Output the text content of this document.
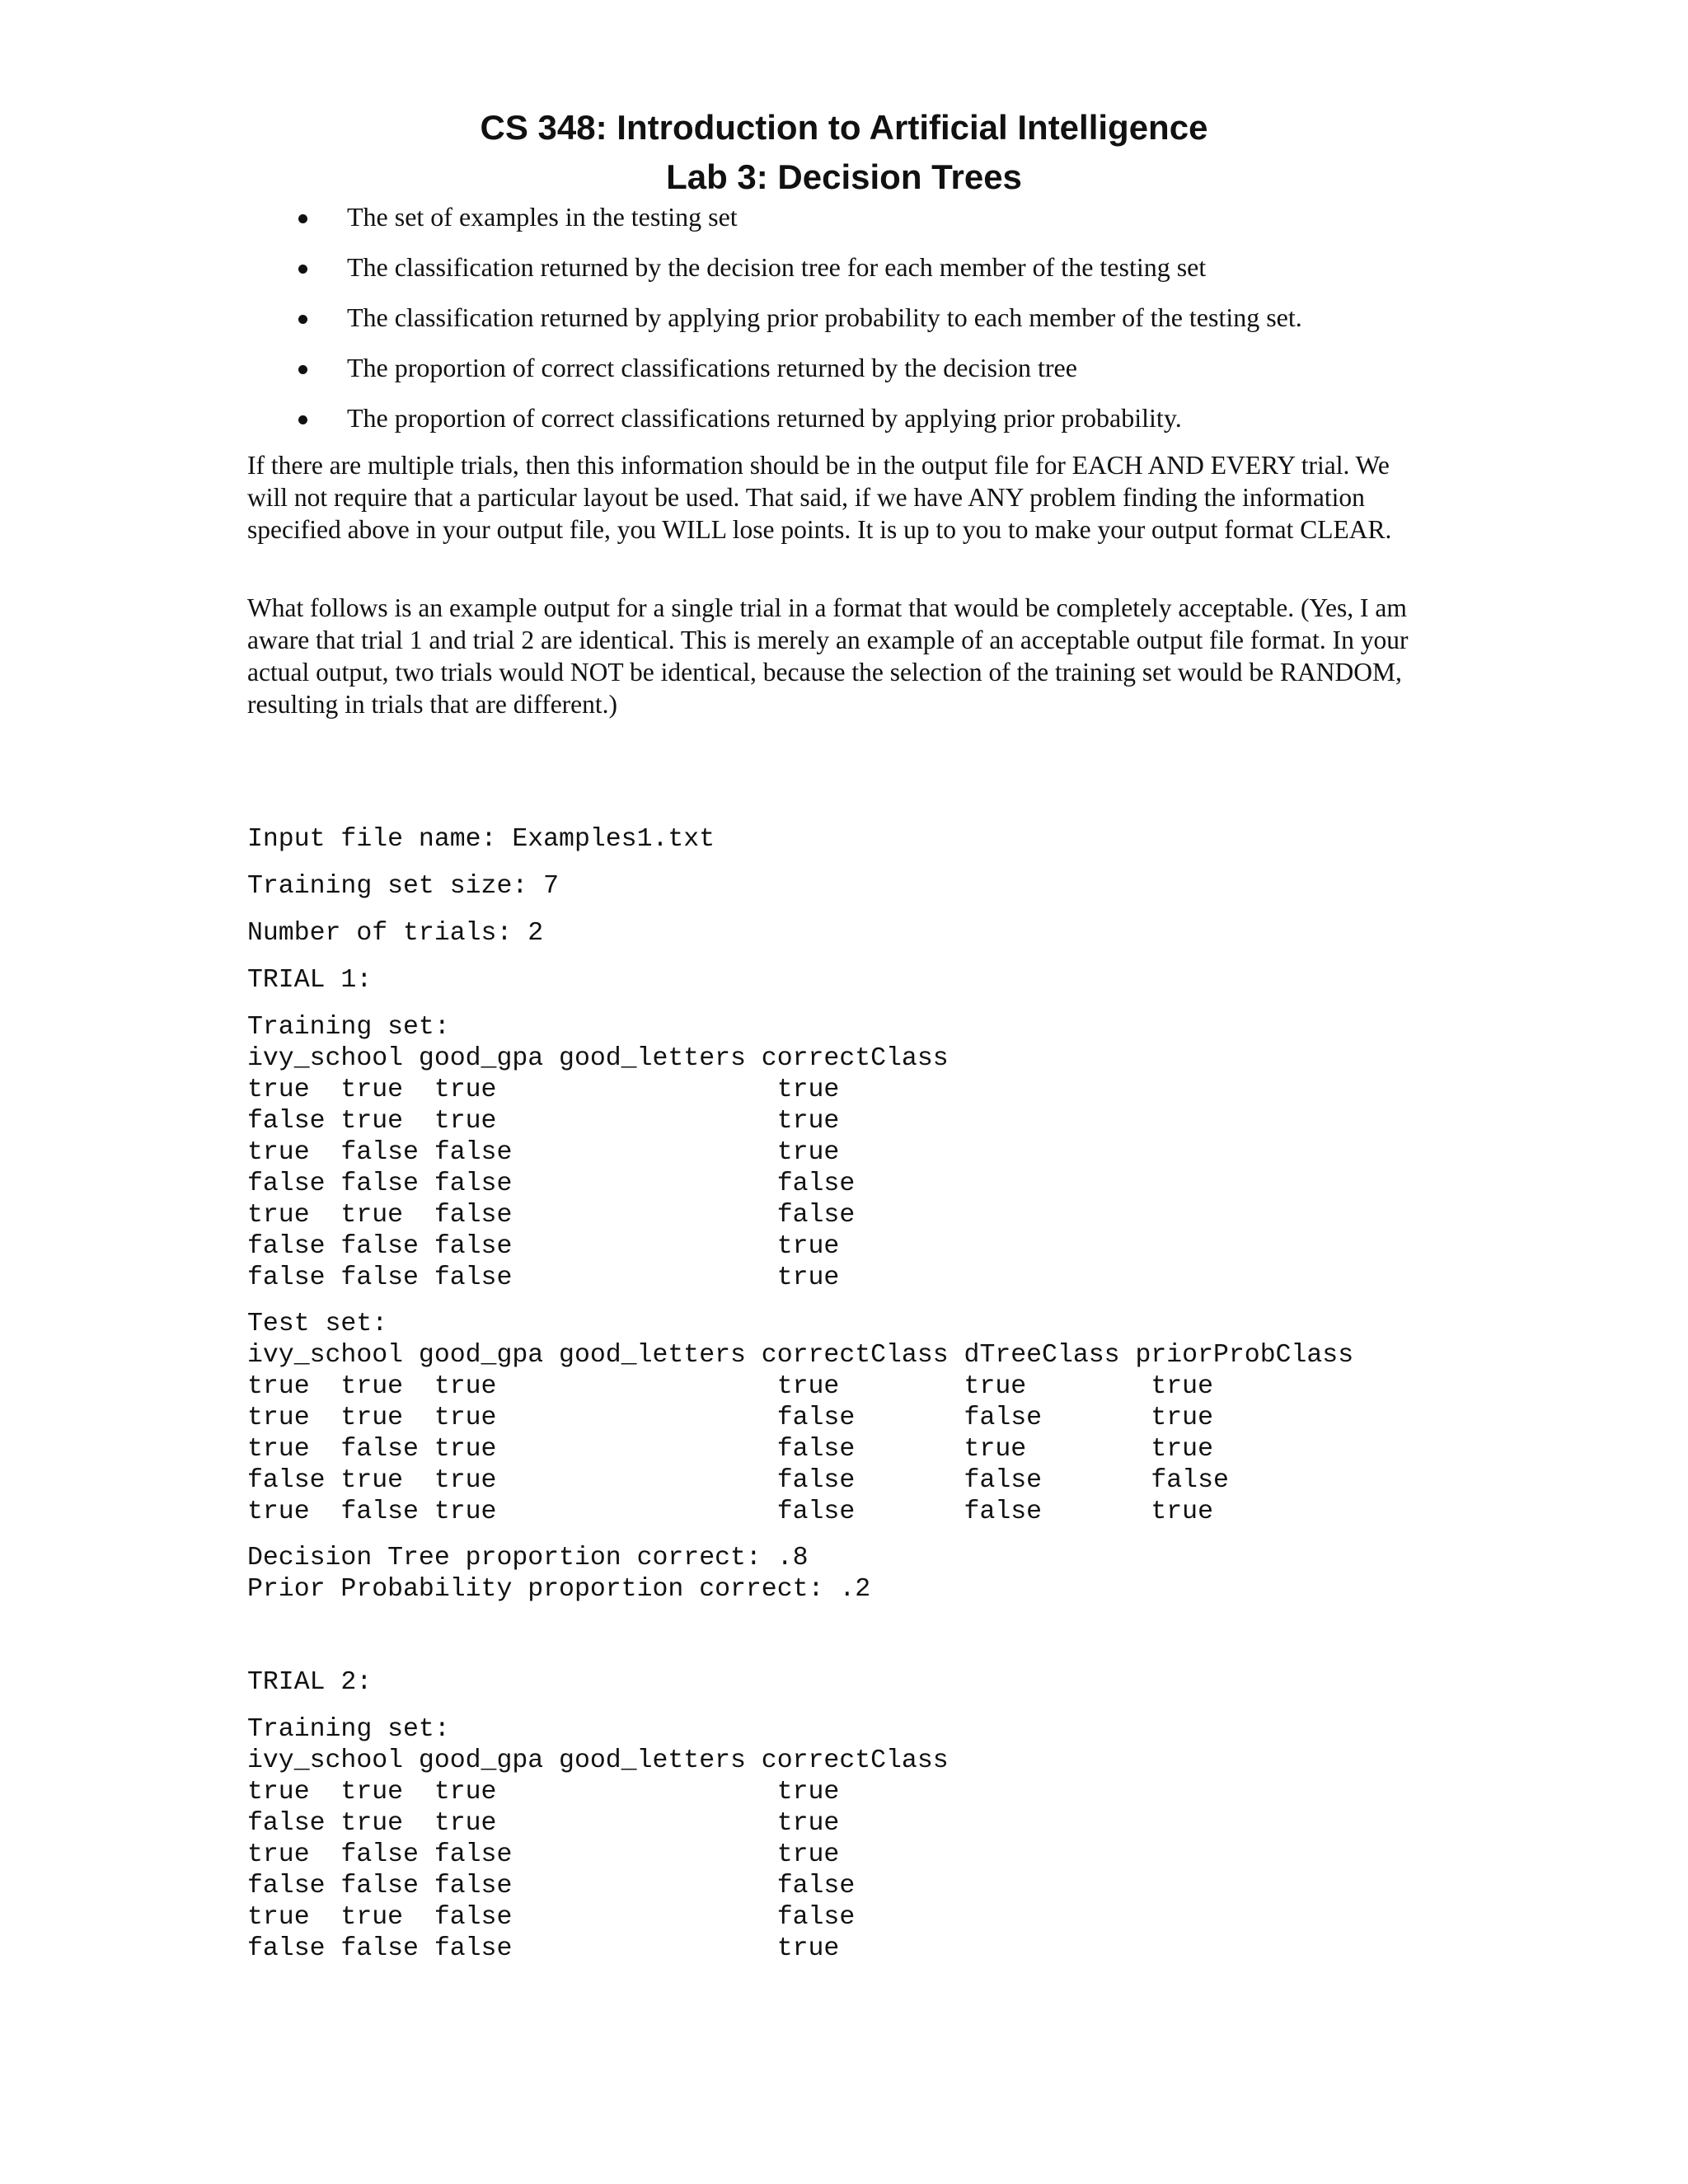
CS 348: Introduction to Artificial Intelligence
Lab 3: Decision Trees
The set of examples in the testing set
The classification returned by the decision tree for each member of the testing set
The classification returned by applying prior probability to each member of the testing set.
The proportion of correct classifications returned by the decision tree
The proportion of correct classifications returned by applying prior probability.

If there are multiple trials, then this information should be in the output file for EACH AND EVERY trial. We will not require that a particular layout be used. That said, if we have ANY problem finding the information specified above in your output file, you WILL lose points. It is up to you to make your output format CLEAR.

What follows is an example output for a single trial in a format that would be completely acceptable. (Yes, I am aware that trial 1 and trial 2 are identical. This is merely an example of an acceptable output file format. In your actual output, two trials would NOT be identical, because the selection of the training set would be RANDOM, resulting in trials that are different.)

Input file name: Examples1.txt
Training set size: 7
Number of trials: 2
TRIAL 1:
Training set:
ivy_school good_gpa good_letters correctClass
true  true  true                  true
false true  true                  true
true  false false                 true
false false false                 false
true  true  false                 false
false false false                 true
false false false                 true
Test set:
ivy_school good_gpa good_letters correctClass dTreeClass priorProbClass
true  true  true                  true        true        true
true  true  true                  false       false       true
true  false true                  false       true        true
false true  true                  false       false       false
true  false true                  false       false       true
Decision Tree proportion correct: .8
Prior Probability proportion correct: .2
TRIAL 2:
Training set:
ivy_school good_gpa good_letters correctClass
true  true  true                  true
false true  true                  true
true  false false                 true
false false false                 false
true  true  false                 false
false false false                 true
